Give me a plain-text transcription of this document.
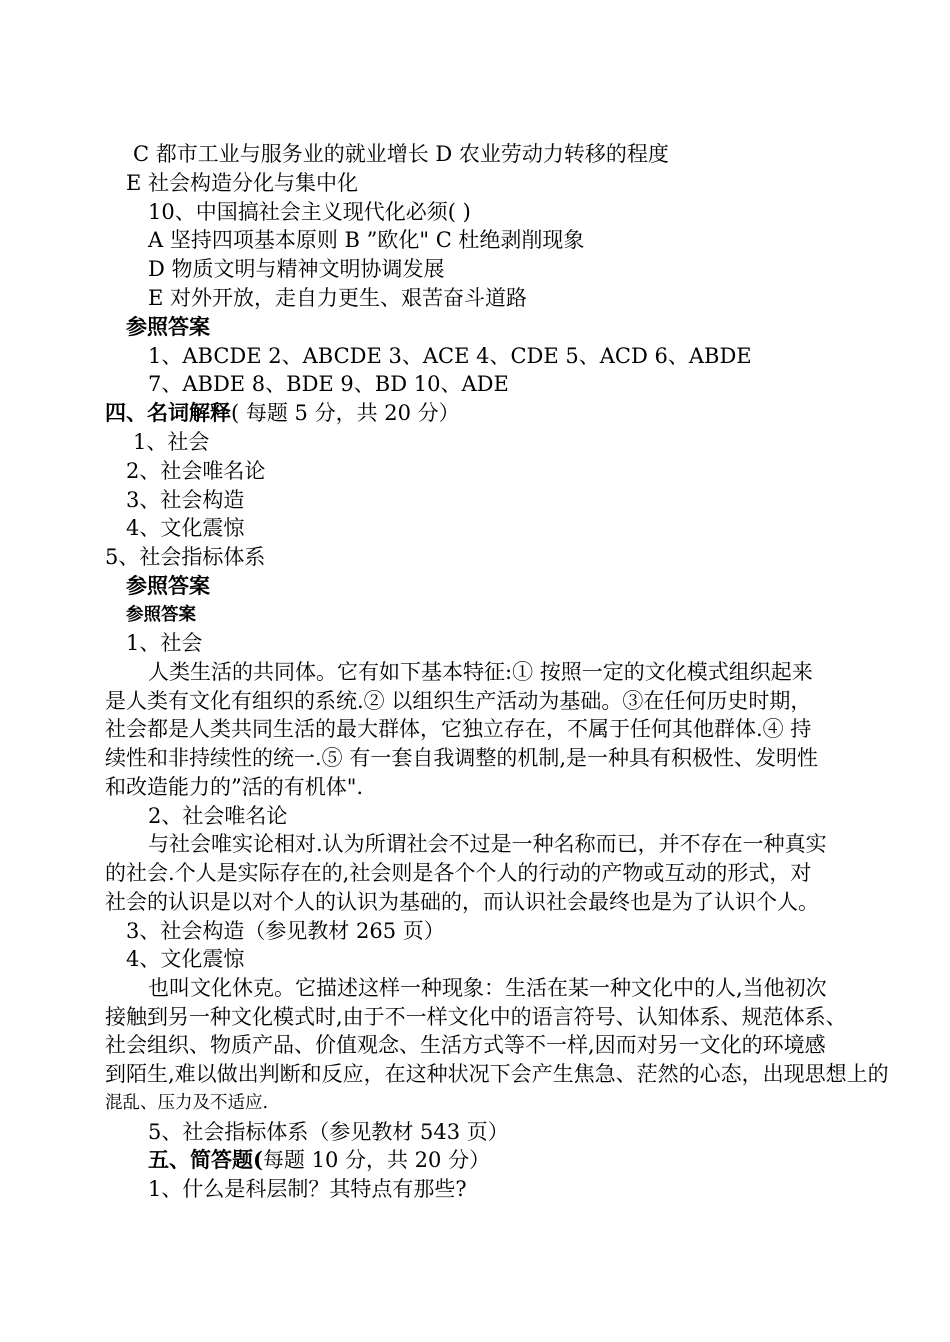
C 都市工业与服务业的就业增长 D 农业劳动力转移的程度
E 社会构造分化与集中化
10、中国搞社会主义现代化必须( )
A 坚持四项基本原则 B ”欧化" C 杜绝剥削现象
D 物质文明与精神文明协调发展
E 对外开放，走自力更生、艰苦奋斗道路
参照答案
1、ABCDE 2、ABCDE 3、ACE 4、CDE 5、ACD 6、ABDE
7、ABDE 8、BDE 9、BD 10、ADE
1、社会
2、社会唯名论
3、社会构造
4、文化震惊
5、社会指标体系
参照答案
参照答案
1、社会
人类生活的共同体。它有如下基本特征:① 按照一定的文化模式组织起来
是人类有文化有组织的系统.② 以组织生产活动为基础。③在任何历史时期，
社会都是人类共同生活的最大群体，它独立存在，不属于任何其他群体.④ 持
续性和非持续性的统一.⑤ 有一套自我调整的机制,是一种具有积极性、发明性
和改造能力的”活的有机体".
2、社会唯名论
与社会唯实论相对.认为所谓社会不过是一种名称而已，并不存在一种真实
的社会.个人是实际存在的,社会则是各个个人的行动的产物或互动的形式，对
社会的认识是以对个人的认识为基础的，而认识社会最终也是为了认识个人。
3、社会构造（参见教材 265 页）
4、文化震惊
也叫文化休克。它描述这样一种现象：生活在某一种文化中的人,当他初次
接触到另一种文化模式时,由于不一样文化中的语言符号、认知体系、规范体系、
社会组织、物质产品、价值观念、生活方式等不一样,因而对另一文化的环境感
到陌生,难以做出判断和反应，在这种状况下会产生焦急、茫然的心态，出现思想上的
混乱、压力及不适应.
5、社会指标体系（参见教材 543 页）
1、什么是科层制？其特点有那些?
四、名词解释( 每题 5 分，共 20 分）
五、简答题(每题 10 分，共 20 分）
